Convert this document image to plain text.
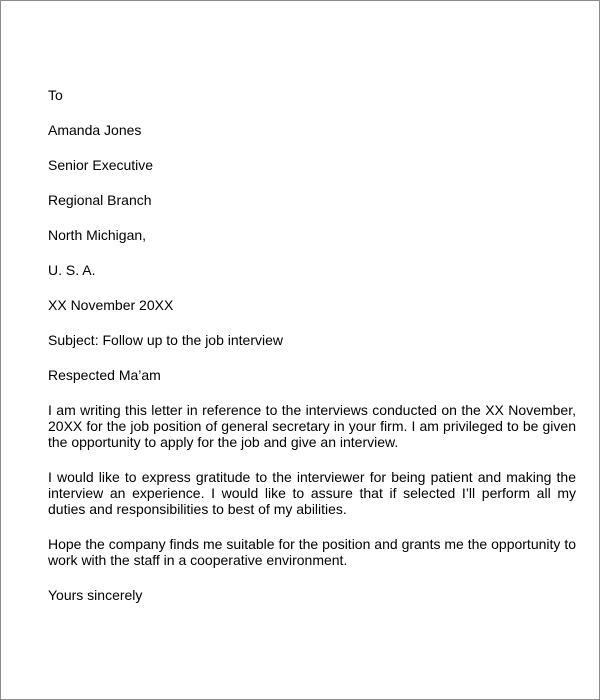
To
Amanda Jones
Senior Executive
Regional Branch
North Michigan,
U. S. A.
XX November 20XX
Subject: Follow up to the job interview
Respected Ma’am

I am writing this letter in reference to the interviews conducted on the XX November, 20XX for the job position of general secretary in your firm. I am privileged to be given the opportunity to apply for the job and give an interview.

I would like to express gratitude to the interviewer for being patient and making the interview an experience. I would like to assure that if selected I’ll perform all my duties and responsibilities to best of my abilities.

Hope the company finds me suitable for the position and grants me the opportunity to work with the staff in a cooperative environment.

Yours sincerely
